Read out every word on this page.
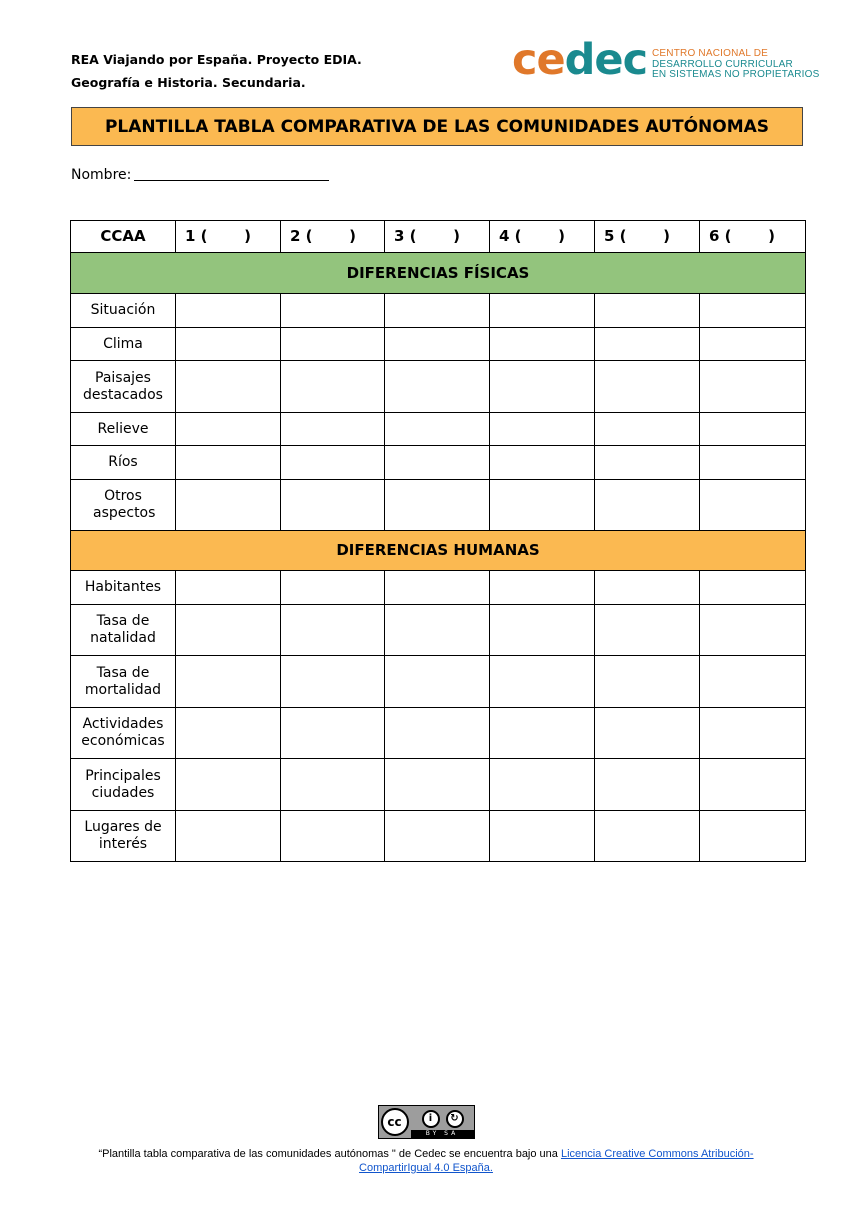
REA Viajando por España. Proyecto EDIA.
Geografía e Historia. Secundaria.	cedec CENTRO NACIONAL DE
DESARROLLO CURRICULAR
EN SISTEMAS NO PROPIETARIOS
PLANTILLA TABLA COMPARATIVA DE LAS COMUNIDADES AUTÓNOMAS
Nombre:
CCAA	1 (       )	2 (       )	3 (       )	4 (       )	5 (       )	6 (       )
DIFERENCIAS FÍSICAS						
Situación						
Clima						
Paisajes destacados						
Relieve						
Ríos						
Otros aspectos						
DIFERENCIAS HUMANAS						
Habitantes						
Tasa de natalidad						
Tasa de mortalidad						
Actividades económicas						
Principales ciudades						
Lugares de interés						
cc	i	↻
BY SA
“Plantilla tabla comparativa de las comunidades autónomas " de Cedec se encuentra bajo una Licencia Creative Commons Atribución-
CompartirIgual 4.0 España.
